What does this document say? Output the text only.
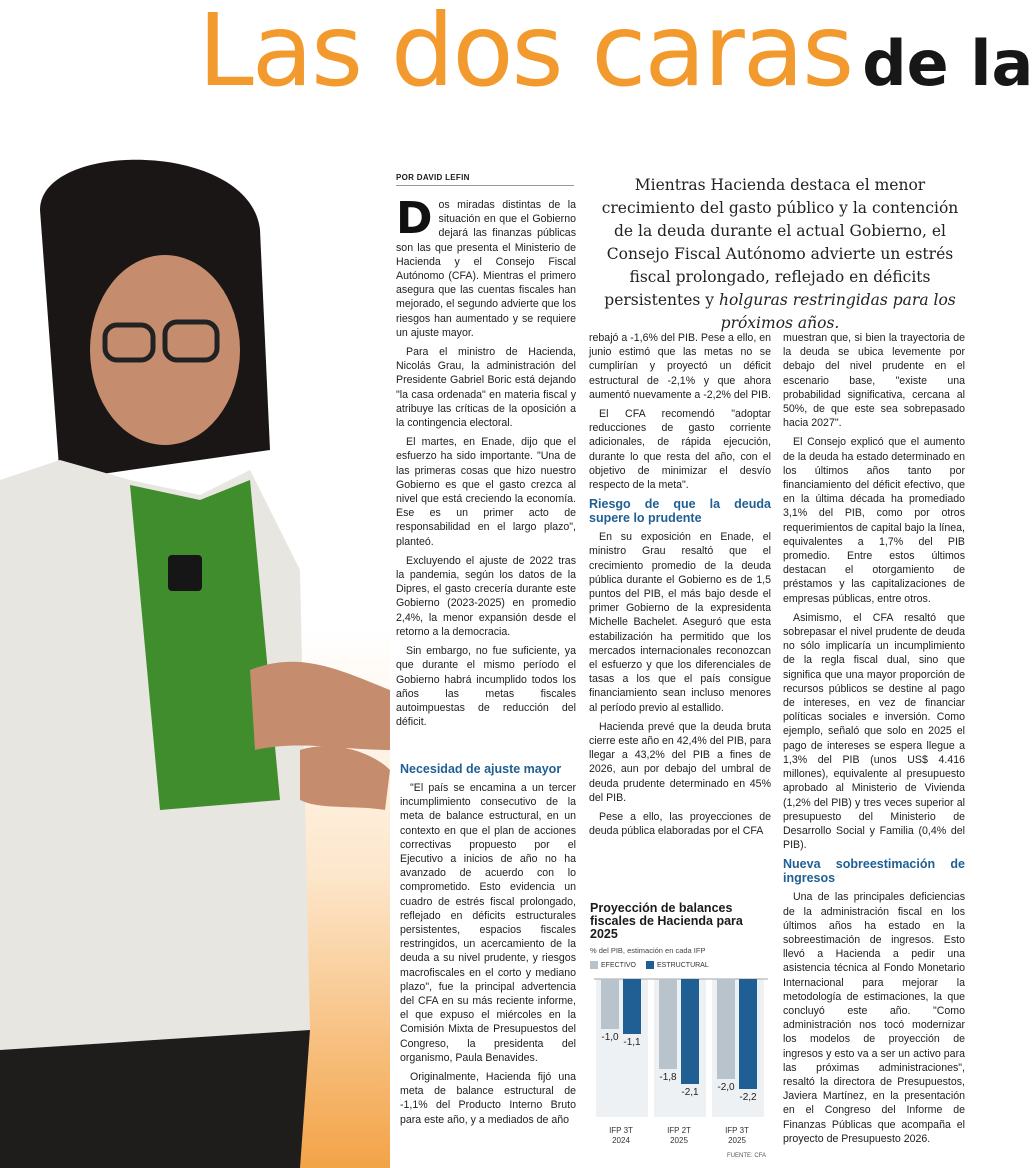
Las dos caras de la
POR DAVID LEFIN	Mientras Hacienda destaca el menor crecimiento del gasto público y la contención de la deuda durante el actual Gobierno, el Consejo Fiscal Autónomo advierte un estrés fiscal prolongado, reflejado en déficits persistentes y holguras restringidas para los próximos años.

Dos miradas distintas de la situación en que el Gobierno dejará las finanzas públicas son las que presenta el Ministerio de Hacienda y el Consejo Fiscal Autónomo (CFA). Mientras el primero asegura que las cuentas fiscales han mejorado, el segundo advierte que los riesgos han aumentado y se requiere un ajuste mayor.

Para el ministro de Hacienda, Nicolás Grau, la administración del Presidente Gabriel Boric está dejando "la casa ordenada" en materia fiscal y atribuye las críticas de la oposición a la contingencia electoral.

El martes, en Enade, dijo que el esfuerzo ha sido importante. "Una de las primeras cosas que hizo nuestro Gobierno es que el gasto crezca al nivel que está creciendo la economía. Ese es un primer acto de responsabilidad en el largo plazo", planteó.

Excluyendo el ajuste de 2022 tras la pandemia, según los datos de la Dipres, el gasto crecería durante este Gobierno (2023-2025) en promedio 2,4%, la menor expansión desde el retorno a la democracia.

Sin embargo, no fue suficiente, ya que durante el mismo período el Gobierno habrá incumplido todos los años las metas fiscales autoimpuestas de reducción del déficit.

Necesidad de ajuste mayor

"El país se encamina a un tercer incumplimiento consecutivo de la meta de balance estructural, en un contexto en que el plan de acciones correctivas propuesto por el Ejecutivo a inicios de año no ha avanzado de acuerdo con lo comprometido. Esto evidencia un cuadro de estrés fiscal prolongado, reflejado en déficits estructurales persistentes, espacios fiscales restringidos, un acercamiento de la deuda a su nivel prudente, y riesgos macrofiscales en el corto y mediano plazo", fue la principal advertencia del CFA en su más reciente informe, el que expuso el miércoles en la Comisión Mixta de Presupuestos del Congreso, la presidenta del organismo, Paula Benavides.

Originalmente, Hacienda fijó una meta de balance estructural de -1,1% del Producto Interno Bruto para este año, y a mediados de año

rebajó a -1,6% del PIB. Pese a ello, en junio estimó que las metas no se cumplirían y proyectó un déficit estructural de -2,1% y que ahora aumentó nuevamente a -2,2% del PIB.

El CFA recomendó "adoptar reducciones de gasto corriente adicionales, de rápida ejecución, durante lo que resta del año, con el objetivo de minimizar el desvío respecto de la meta".

Riesgo de que la deuda supere lo prudente

En su exposición en Enade, el ministro Grau resaltó que el crecimiento promedio de la deuda pública durante el Gobierno es de 1,5 puntos del PIB, el más bajo desde el primer Gobierno de la expresidenta Michelle Bachelet. Aseguró que esta estabilización ha permitido que los mercados internacionales reconozcan el esfuerzo y que los diferenciales de tasas a los que el país consigue financiamiento sean incluso menores al período previo al estallido.

Hacienda prevé que la deuda bruta cierre este año en 42,4% del PIB, para llegar a 43,2% del PIB a fines de 2026, aun por debajo del umbral de deuda prudente determinado en 45% del PIB.

Pese a ello, las proyecciones de deuda pública elaboradas por el CFA

muestran que, si bien la trayectoria de la deuda se ubica levemente por debajo del nivel prudente en el escenario base, "existe una probabilidad significativa, cercana al 50%, de que este sea sobrepasado hacia 2027".

El Consejo explicó que el aumento de la deuda ha estado determinado en los últimos años tanto por financiamiento del déficit efectivo, que en la última década ha promediado 3,1% del PIB, como por otros requerimientos de capital bajo la línea, equivalentes a 1,7% del PIB promedio. Entre estos últimos destacan el otorgamiento de préstamos y las capitalizaciones de empresas públicas, entre otros.

Asimismo, el CFA resaltó que sobrepasar el nivel prudente de deuda no sólo implicaría un incumplimiento de la regla fiscal dual, sino que significa que una mayor proporción de recursos públicos se destine al pago de intereses, en vez de financiar políticas sociales e inversión. Como ejemplo, señaló que solo en 2025 el pago de intereses se espera llegue a 1,3% del PIB (unos US$ 4.416 millones), equivalente al presupuesto aprobado al Ministerio de Vivienda (1,2% del PIB) y tres veces superior al presupuesto del Ministerio de Desarrollo Social y Familia (0,4% del PIB).

Nueva sobreestimación de ingresos

Una de las principales deficiencias de la administración fiscal en los últimos años ha estado en la sobreestimación de ingresos. Esto llevó a Hacienda a pedir una asistencia técnica al Fondo Monetario Internacional para mejorar la metodología de estimaciones, la que concluyó este año. "Como administración nos tocó modernizar los modelos de proyección de ingresos y esto va a ser un activo para las próximas administraciones", resaltó la directora de Presupuestos, Javiera Martínez, en la presentación en el Congreso del Informe de Finanzas Públicas que acompaña el proyecto de Presupuesto 2026.

Proyección de balances fiscales de Hacienda para 2025
% del PIB, estimación en cada IFP
EFECTIVO	ESTRUCTURAL
-1,0 -1,1
IFP 3T
2024
-1,8
-2,1
IFP 2T
2025
-2,0
-2,2
IFP 3T
2025
FUENTE: CFA
